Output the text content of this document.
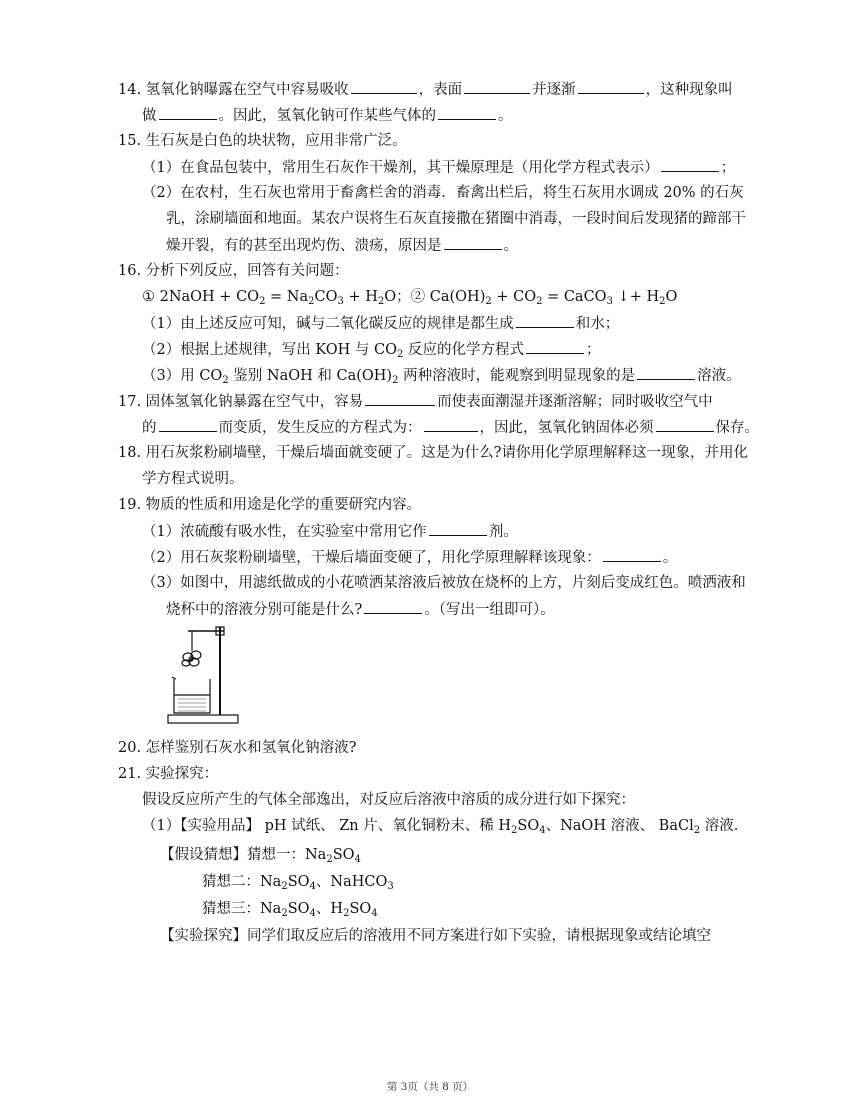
14. 氢氧化钠曝露在空气中容易吸收	，表面	并逐渐	，这种现象叫
做	。因此，氢氧化钠可作某些气体的	。
15. 生石灰是白色的块状物，应用非常广泛。
（1）在食品包装中，常用生石灰作干燥剂，其干燥原理是（用化学方程式表示）	；
（2）在农村，生石灰也常用于畜禽栏舍的消毒．畜禽出栏后，将生石灰用水调成 20% 的石灰
乳，涂刷墙面和地面。某农户误将生石灰直接撒在猪圈中消毒，一段时间后发现猪的蹄部干
燥开裂，有的甚至出现灼伤、溃疡，原因是	。
16. 分析下列反应，回答有关问题：
① 2NaOH + $CO_2 = Na_2CO_3 + H_2O$；② $Ca(OH)_2 + CO_2$ = CaCO$_3$ ↓+ $H_2O$
（1）由上述反应可知，碱与二氧化碳反应的规律是都生成	和水；
（2）根据上述规律，写出 KOH 与 $CO_2$ 反应的化学方程式	；
（3）用 $CO_2$ 鉴别 NaOH 和 $Ca(OH)_2$ 两种溶液时，能观察到明显现象的是	溶液。
17. 固体氢氧化钠暴露在空气中，容易	而使表面潮湿并逐渐溶解；同时吸收空气中
的	而变质，发生反应的方程式为：	，因此，氢氧化钠固体必须	保存。
18. 用石灰浆粉刷墙壁，干燥后墙面就变硬了。这是为什么?请你用化学原理解释这一现象，并用化
学方程式说明。
19. 物质的性质和用途是化学的重要研究内容。
（1）浓硫酸有吸水性，在实验室中常用它作	剂。
（2）用石灰浆粉刷墙壁，干燥后墙面变硬了，用化学原理解释该现象：	。
（3）如图中，用滤纸做成的小花喷洒某溶液后被放在烧杯的上方，片刻后变成红色。喷洒液和
烧杯中的溶液分别可能是什么?	。（写出一组即可）。
20. 怎样鉴别石灰水和氢氧化钠溶液?
21. 实验探究：
假设反应所产生的气体全部逸出，对反应后溶液中溶质的成分进行如下探究：
（1）【实验用品】 pH 试纸、 Zn 片、氧化铜粉末、稀 $H_2SO_4$、NaOH 溶液、 BaCl$_2$ 溶液.
【假设猜想】猜想一：$Na_2SO_4$
猜想二：$Na_2SO_4$、NaHCO$_3$
猜想三：$Na_2SO_4$、$H_2SO_4$
【实验探究】同学们取反应后的溶液用不同方案进行如下实验，请根据现象或结论填空
第 3页（共 8 页）
